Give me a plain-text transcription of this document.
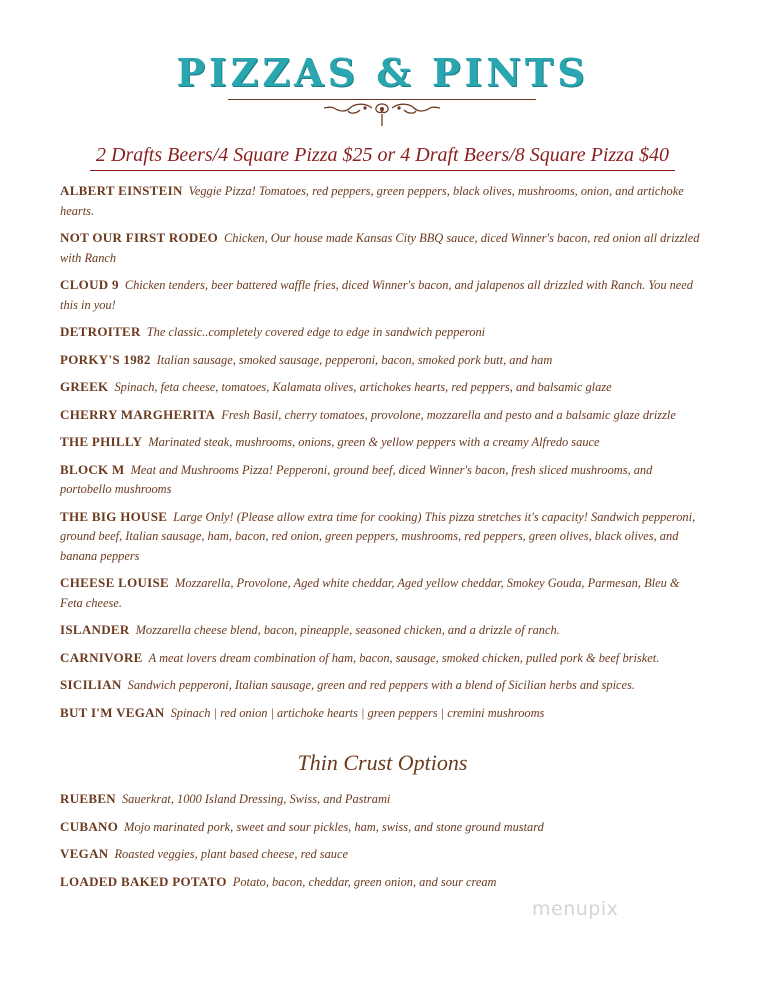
PIZZAS & PINTS
2 Drafts Beers/4 Square Pizza $25 or 4 Draft Beers/8 Square Pizza $40
ALBERT EINSTEIN Veggie Pizza! Tomatoes, red peppers, green peppers, black olives, mushrooms, onion, and artichoke hearts.
NOT OUR FIRST RODEO Chicken, Our house made Kansas City BBQ sauce, diced Winner's bacon, red onion all drizzled with Ranch
CLOUD 9 Chicken tenders, beer battered waffle fries, diced Winner's bacon, and jalapenos all drizzled with Ranch. You need this in you!
DETROITER The classic..completely covered edge to edge in sandwich pepperoni
PORKY'S 1982 Italian sausage, smoked sausage, pepperoni, bacon, smoked pork butt, and ham
GREEK Spinach, feta cheese, tomatoes, Kalamata olives, artichokes hearts, red peppers, and balsamic glaze
CHERRY MARGHERITA Fresh Basil, cherry tomatoes, provolone, mozzarella and pesto and a balsamic glaze drizzle
THE PHILLY Marinated steak, mushrooms, onions, green & yellow peppers with a creamy Alfredo sauce
BLOCK M Meat and Mushrooms Pizza! Pepperoni, ground beef, diced Winner's bacon, fresh sliced mushrooms, and portobello mushrooms
THE BIG HOUSE Large Only! (Please allow extra time for cooking) This pizza stretches it's capacity! Sandwich pepperoni, ground beef, Italian sausage, ham, bacon, red onion, green peppers, mushrooms, red peppers, green olives, black olives, and banana peppers
CHEESE LOUISE Mozzarella, Provolone, Aged white cheddar, Aged yellow cheddar, Smokey Gouda, Parmesan, Bleu & Feta cheese.
ISLANDER Mozzarella cheese blend, bacon, pineapple, seasoned chicken, and a drizzle of ranch.
CARNIVORE A meat lovers dream combination of ham, bacon, sausage, smoked chicken, pulled pork & beef brisket.
SICILIAN Sandwich pepperoni, Italian sausage, green and red peppers with a blend of Sicilian herbs and spices.
BUT I'M VEGAN Spinach | red onion | artichoke hearts | green peppers | cremini mushrooms
Thin Crust Options
RUEBEN Sauerkrat, 1000 Island Dressing, Swiss, and Pastrami
CUBANO Mojo marinated pork, sweet and sour pickles, ham, swiss, and stone ground mustard
VEGAN Roasted veggies, plant based cheese, red sauce
LOADED BAKED POTATO Potato, bacon, cheddar, green onion, and sour cream
menupix
